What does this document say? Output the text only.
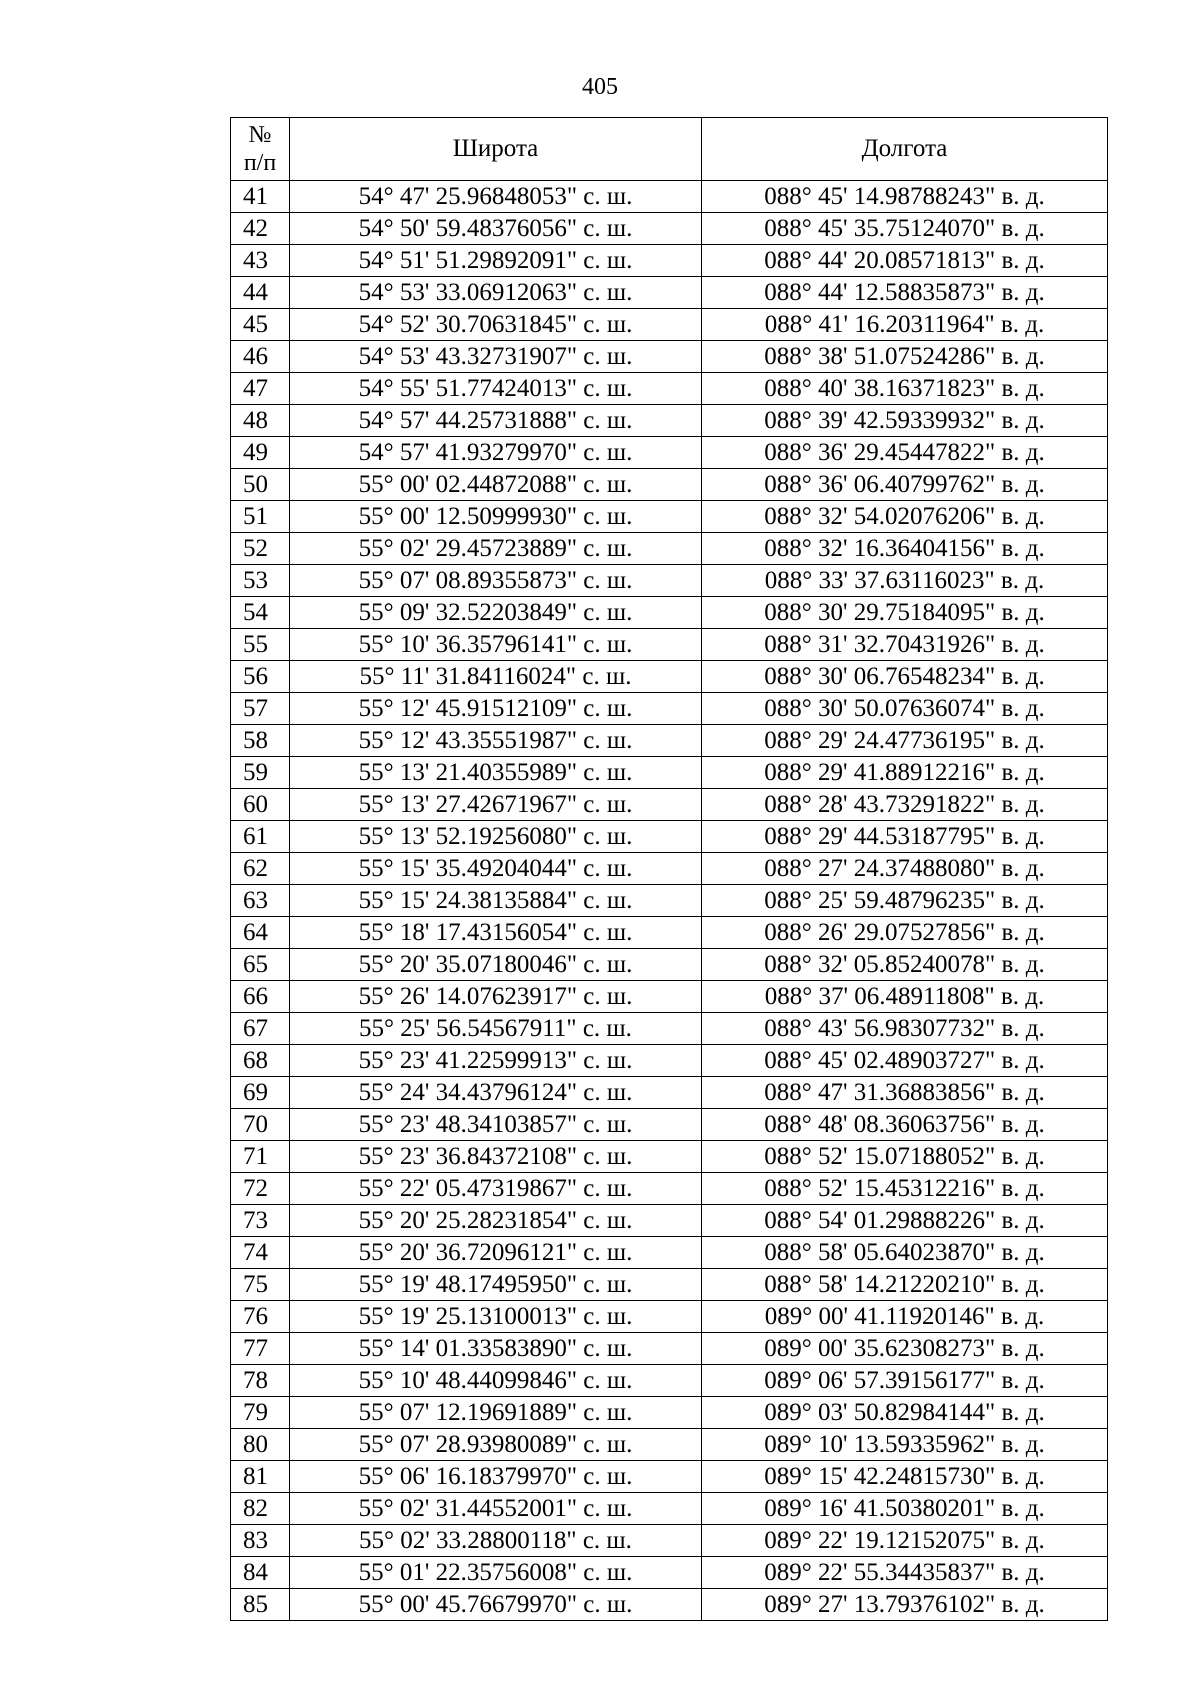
405
№
п/п	Широта	Долгота
41	54° 47' 25.96848053" с. ш.	088° 45' 14.98788243" в. д.
42	54° 50' 59.48376056" с. ш.	088° 45' 35.75124070" в. д.
43	54° 51' 51.29892091" с. ш.	088° 44' 20.08571813" в. д.
44	54° 53' 33.06912063" с. ш.	088° 44' 12.58835873" в. д.
45	54° 52' 30.70631845" с. ш.	088° 41' 16.20311964" в. д.
46	54° 53' 43.32731907" с. ш.	088° 38' 51.07524286" в. д.
47	54° 55' 51.77424013" с. ш.	088° 40' 38.16371823" в. д.
48	54° 57' 44.25731888" с. ш.	088° 39' 42.59339932" в. д.
49	54° 57' 41.93279970" с. ш.	088° 36' 29.45447822" в. д.
50	55° 00' 02.44872088" с. ш.	088° 36' 06.40799762" в. д.
51	55° 00' 12.50999930" с. ш.	088° 32' 54.02076206" в. д.
52	55° 02' 29.45723889" с. ш.	088° 32' 16.36404156" в. д.
53	55° 07' 08.89355873" с. ш.	088° 33' 37.63116023" в. д.
54	55° 09' 32.52203849" с. ш.	088° 30' 29.75184095" в. д.
55	55° 10' 36.35796141" с. ш.	088° 31' 32.70431926" в. д.
56	55° 11' 31.84116024" с. ш.	088° 30' 06.76548234" в. д.
57	55° 12' 45.91512109" с. ш.	088° 30' 50.07636074" в. д.
58	55° 12' 43.35551987" с. ш.	088° 29' 24.47736195" в. д.
59	55° 13' 21.40355989" с. ш.	088° 29' 41.88912216" в. д.
60	55° 13' 27.42671967" с. ш.	088° 28' 43.73291822" в. д.
61	55° 13' 52.19256080" с. ш.	088° 29' 44.53187795" в. д.
62	55° 15' 35.49204044" с. ш.	088° 27' 24.37488080" в. д.
63	55° 15' 24.38135884" с. ш.	088° 25' 59.48796235" в. д.
64	55° 18' 17.43156054" с. ш.	088° 26' 29.07527856" в. д.
65	55° 20' 35.07180046" с. ш.	088° 32' 05.85240078" в. д.
66	55° 26' 14.07623917" с. ш.	088° 37' 06.48911808" в. д.
67	55° 25' 56.54567911" с. ш.	088° 43' 56.98307732" в. д.
68	55° 23' 41.22599913" с. ш.	088° 45' 02.48903727" в. д.
69	55° 24' 34.43796124" с. ш.	088° 47' 31.36883856" в. д.
70	55° 23' 48.34103857" с. ш.	088° 48' 08.36063756" в. д.
71	55° 23' 36.84372108" с. ш.	088° 52' 15.07188052" в. д.
72	55° 22' 05.47319867" с. ш.	088° 52' 15.45312216" в. д.
73	55° 20' 25.28231854" с. ш.	088° 54' 01.29888226" в. д.
74	55° 20' 36.72096121" с. ш.	088° 58' 05.64023870" в. д.
75	55° 19' 48.17495950" с. ш.	088° 58' 14.21220210" в. д.
76	55° 19' 25.13100013" с. ш.	089° 00' 41.11920146" в. д.
77	55° 14' 01.33583890" с. ш.	089° 00' 35.62308273" в. д.
78	55° 10' 48.44099846" с. ш.	089° 06' 57.39156177" в. д.
79	55° 07' 12.19691889" с. ш.	089° 03' 50.82984144" в. д.
80	55° 07' 28.93980089" с. ш.	089° 10' 13.59335962" в. д.
81	55° 06' 16.18379970" с. ш.	089° 15' 42.24815730" в. д.
82	55° 02' 31.44552001" с. ш.	089° 16' 41.50380201" в. д.
83	55° 02' 33.28800118" с. ш.	089° 22' 19.12152075" в. д.
84	55° 01' 22.35756008" с. ш.	089° 22' 55.34435837" в. д.
85	55° 00' 45.76679970" с. ш.	089° 27' 13.79376102" в. д.
